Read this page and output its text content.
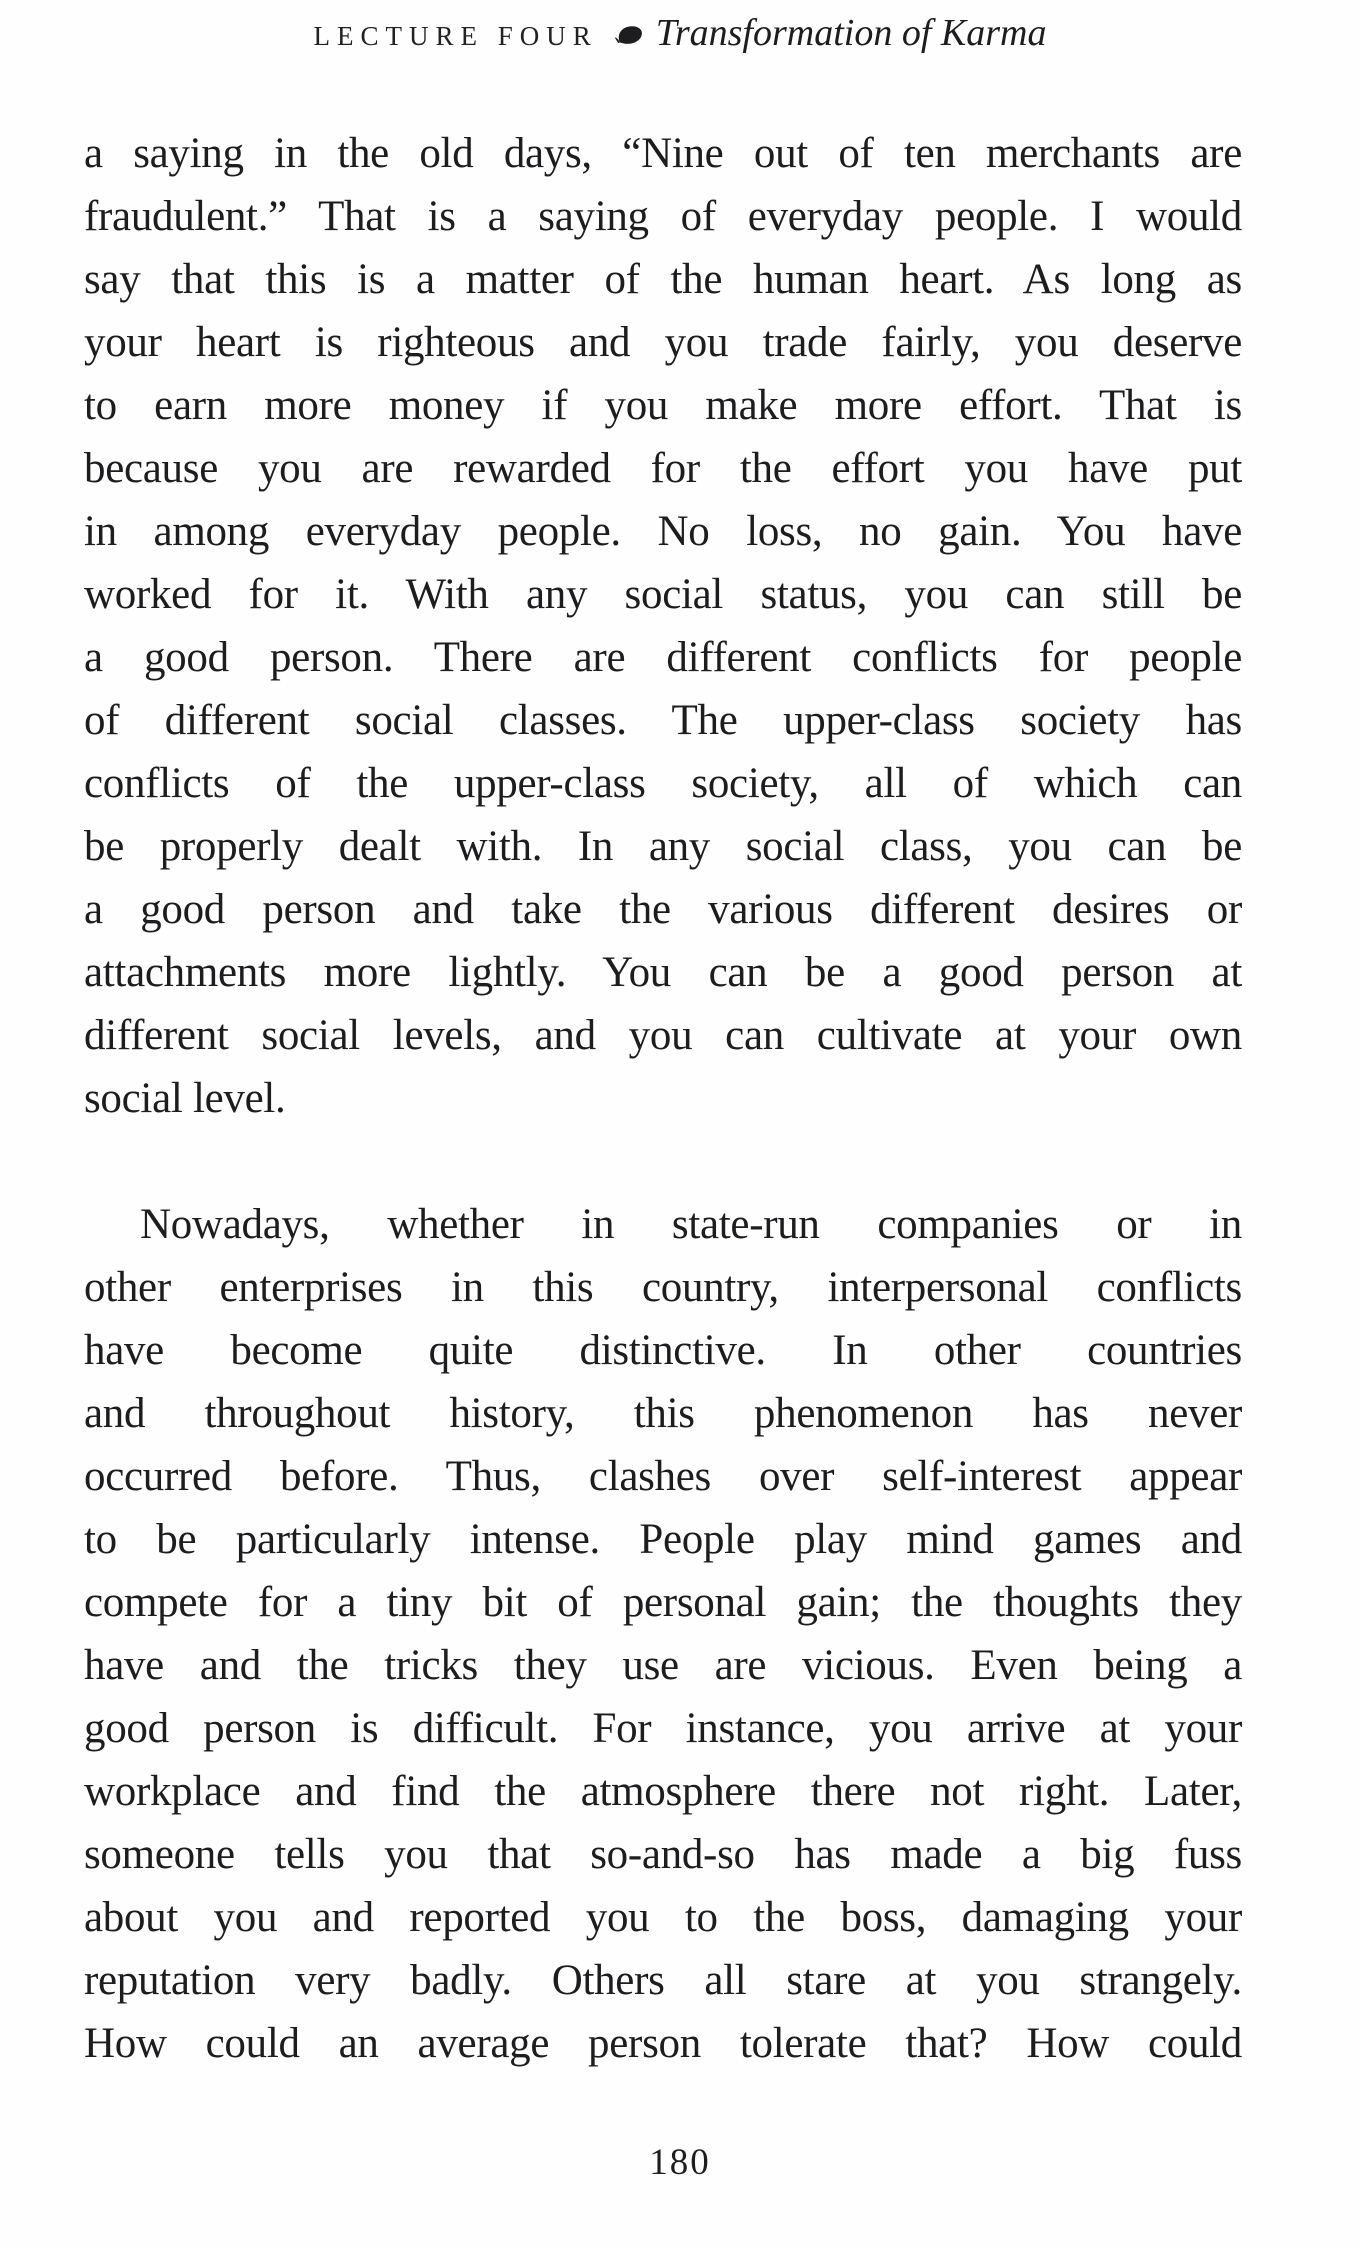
LECTURE FOUR Transformation of Karma
a saying in the old days, “Nine out of ten merchants are
fraudulent.” That is a saying of everyday people. I would
say that this is a matter of the human heart. As long as
your heart is righteous and you trade fairly, you deserve
to earn more money if you make more effort. That is
because you are rewarded for the effort you have put
in among everyday people. No loss, no gain. You have
worked for it. With any social status, you can still be
a good person. There are different conflicts for people
of different social classes. The upper-class society has
conflicts of the upper-class society, all of which can
be properly dealt with. In any social class, you can be
a good person and take the various different desires or
attachments more lightly. You can be a good person at
different social levels, and you can cultivate at your own
social level.
Nowadays, whether in state-run companies or in
other enterprises in this country, interpersonal conflicts
have become quite distinctive. In other countries
and throughout history, this phenomenon has never
occurred before. Thus, clashes over self-interest appear
to be particularly intense. People play mind games and
compete for a tiny bit of personal gain; the thoughts they
have and the tricks they use are vicious. Even being a
good person is difficult. For instance, you arrive at your
workplace and find the atmosphere there not right. Later,
someone tells you that so-and-so has made a big fuss
about you and reported you to the boss, damaging your
reputation very badly. Others all stare at you strangely.
How could an average person tolerate that? How could
180
